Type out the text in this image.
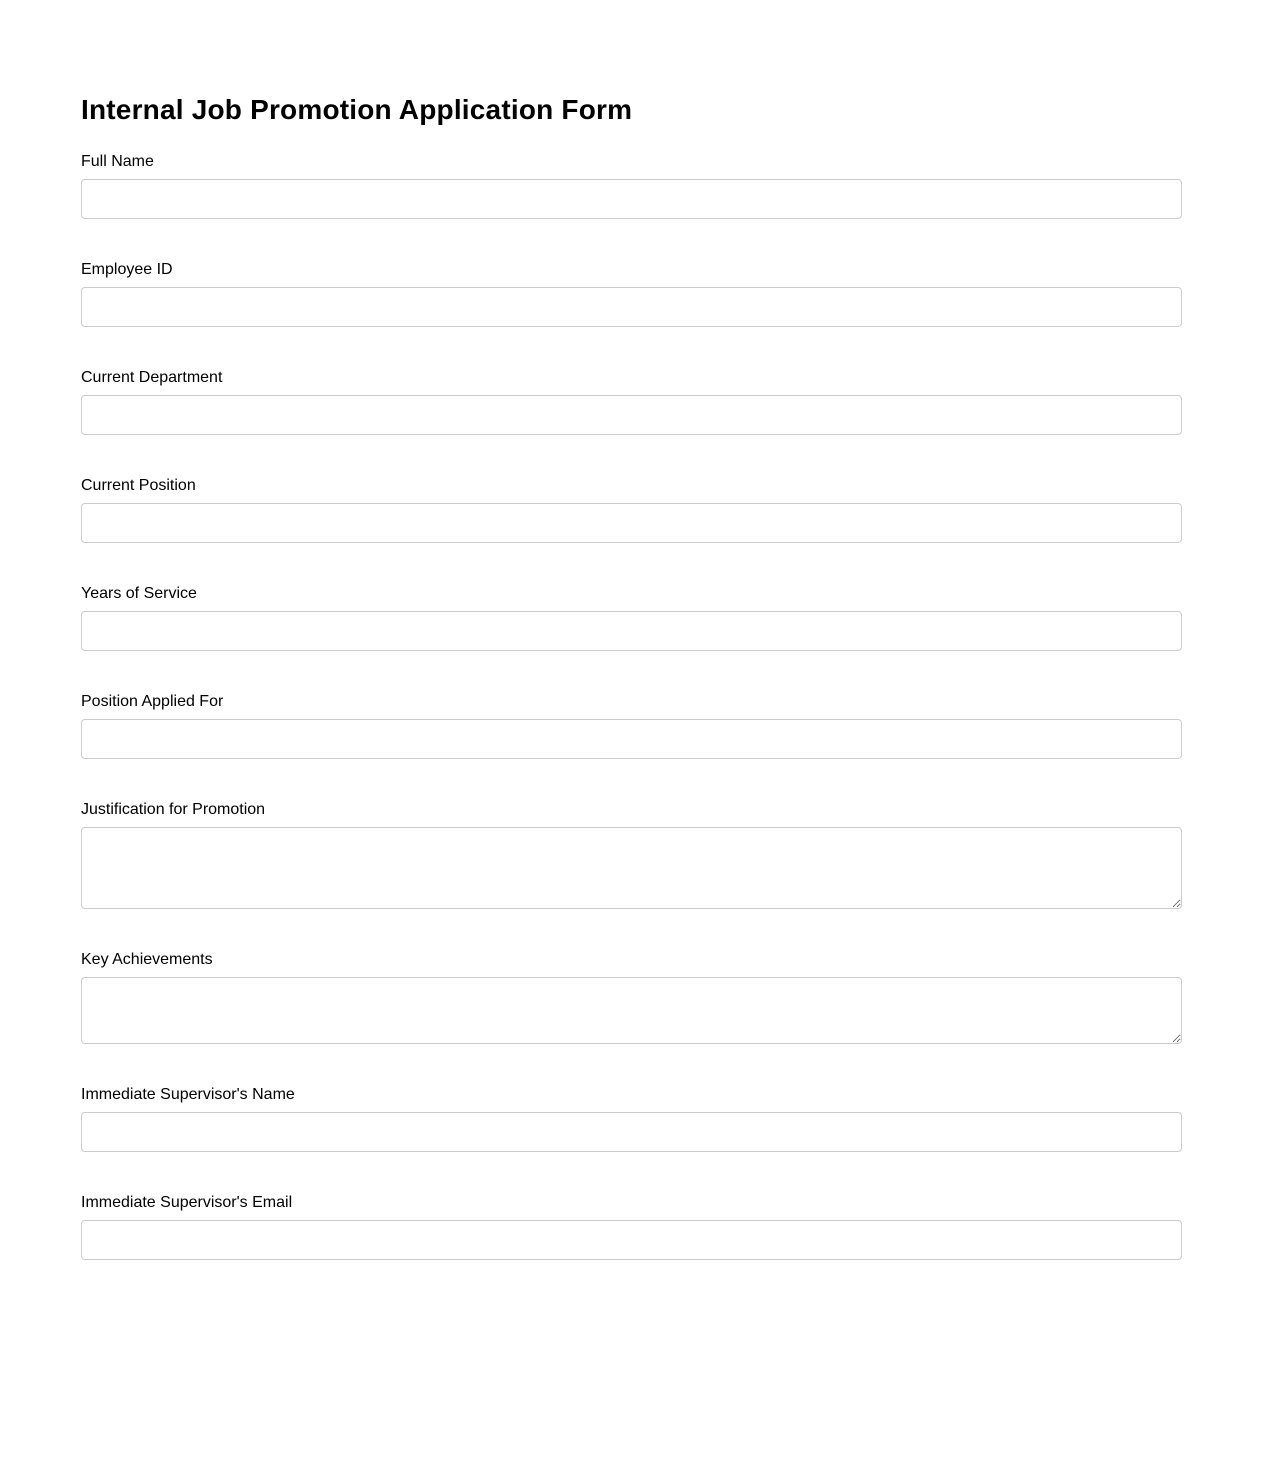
Internal Job Promotion Application Form
Full Name
Employee ID
Current Department
Current Position
Years of Service
Position Applied For
Justification for Promotion
Key Achievements
Immediate Supervisor's Name
Immediate Supervisor's Email
